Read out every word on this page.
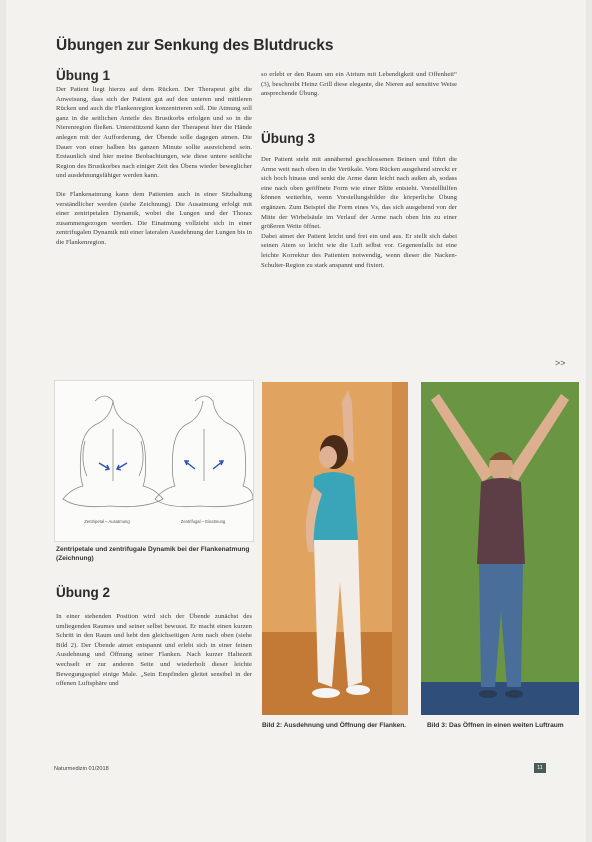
Übungen zur Senkung des Blutdrucks
Übung 1

Der Patient liegt hierzu auf dem Rücken. Der Therapeut gibt die Anweisung, dass sich der Patient gut auf den unteren und mittleren Rücken und auch die Flankenregion konzentrieren soll. Die Atmung soll ganz in die seitlichen Anteile des Brustkorbs erfolgen und so in die Nierenregion fließen. Unterstützend kann der Therapeut hier die Hände anlegen mit der Aufforderung, der Übende solle dagegen atmen. Die Dauer von einer halben bis ganzen Minute sollte ausreichend sein. Erstaunlich sind hier meine Beobachtungen, wie diese untere seitliche Region des Brustkorbes nach einiger Zeit des Übens wieder beweglicher und ausdehnungsfähiger werden kann.

Die Flankenatmung kann dem Patienten auch in einer Sitzhaltung verständlicher werden (siehe Zeichnung). Die Ausatmung erfolgt mit einer zentripetalen Dynamik, wobei die Lungen und der Thorax zusammengezogen werden. Die Einatmung vollzieht sich in einer zentrifugalen Dynamik mit einer lateralen Ausdehnung der Lungen bis in die Flankenregion.

Zentripetal – Ausatmung	Zentrifugal – Einatmung

Zentripetale und zentrifugale Dynamik bei der Flankenatmung (Zeichnung)

Übung 2

In einer stehenden Position wird sich der Übende zunächst des umliegenden Raumes und seiner selbst bewusst. Er macht einen kurzen Schritt in den Raum und hebt den gleichseitigen Arm nach oben (siehe Bild 2). Der Übende atmet entspannt und erlebt sich in einer feinen Ausdehnung und Öffnung seiner Flanken. Nach kurzer Haltezeit wechselt er zur anderen Seite und wiederholt dieser leichte Bewegungsspiel einige Male. „Sein Empfinden gleitet sensibel in der offenen Luftsphäre und

so erlebt er den Raum um ein Atrium mit Lebendigkeit und Offenheit“ (3), beschreibt Heinz Grill diese elegante, die Nieren auf sensitive Weise ansprechende Übung.

Übung 3

Der Patient steht mit annähernd geschlossenen Beinen und führt die Arme weit nach oben in die Vertikale. Vom Rücken ausgehend streckt er sich hoch hinaus und senkt die Arme dann leicht nach außen ab, sodass eine nach oben geöffnete Form wie einer Blüte entsteht. Vorstellhilfen können weiterhin, wenn Vorstellungsbilder die körperliche Übung ergänzen. Zum Beispiel die Form eines Vs, das sich ausgehend von der Mitte der Wirbelsäule im Verlauf der Arme nach oben hin zu einer größeren Weite öffnet.

Dabei atmet der Patient leicht und frei ein und aus. Er stellt sich dabei seinen Atem so leicht wie die Luft selbst vor. Gegenenfalls ist eine leichte Korrektur des Patienten notwendig, wenn dieser die Nacken-Schulter-Region zu stark anspannt und fixiert.

>>

Bild 2: Ausdehnung und Öffnung der Flanken.	Bild 3: Das Öffnen in einen weiten Luftraum

Naturmedizin 01/2018	11
